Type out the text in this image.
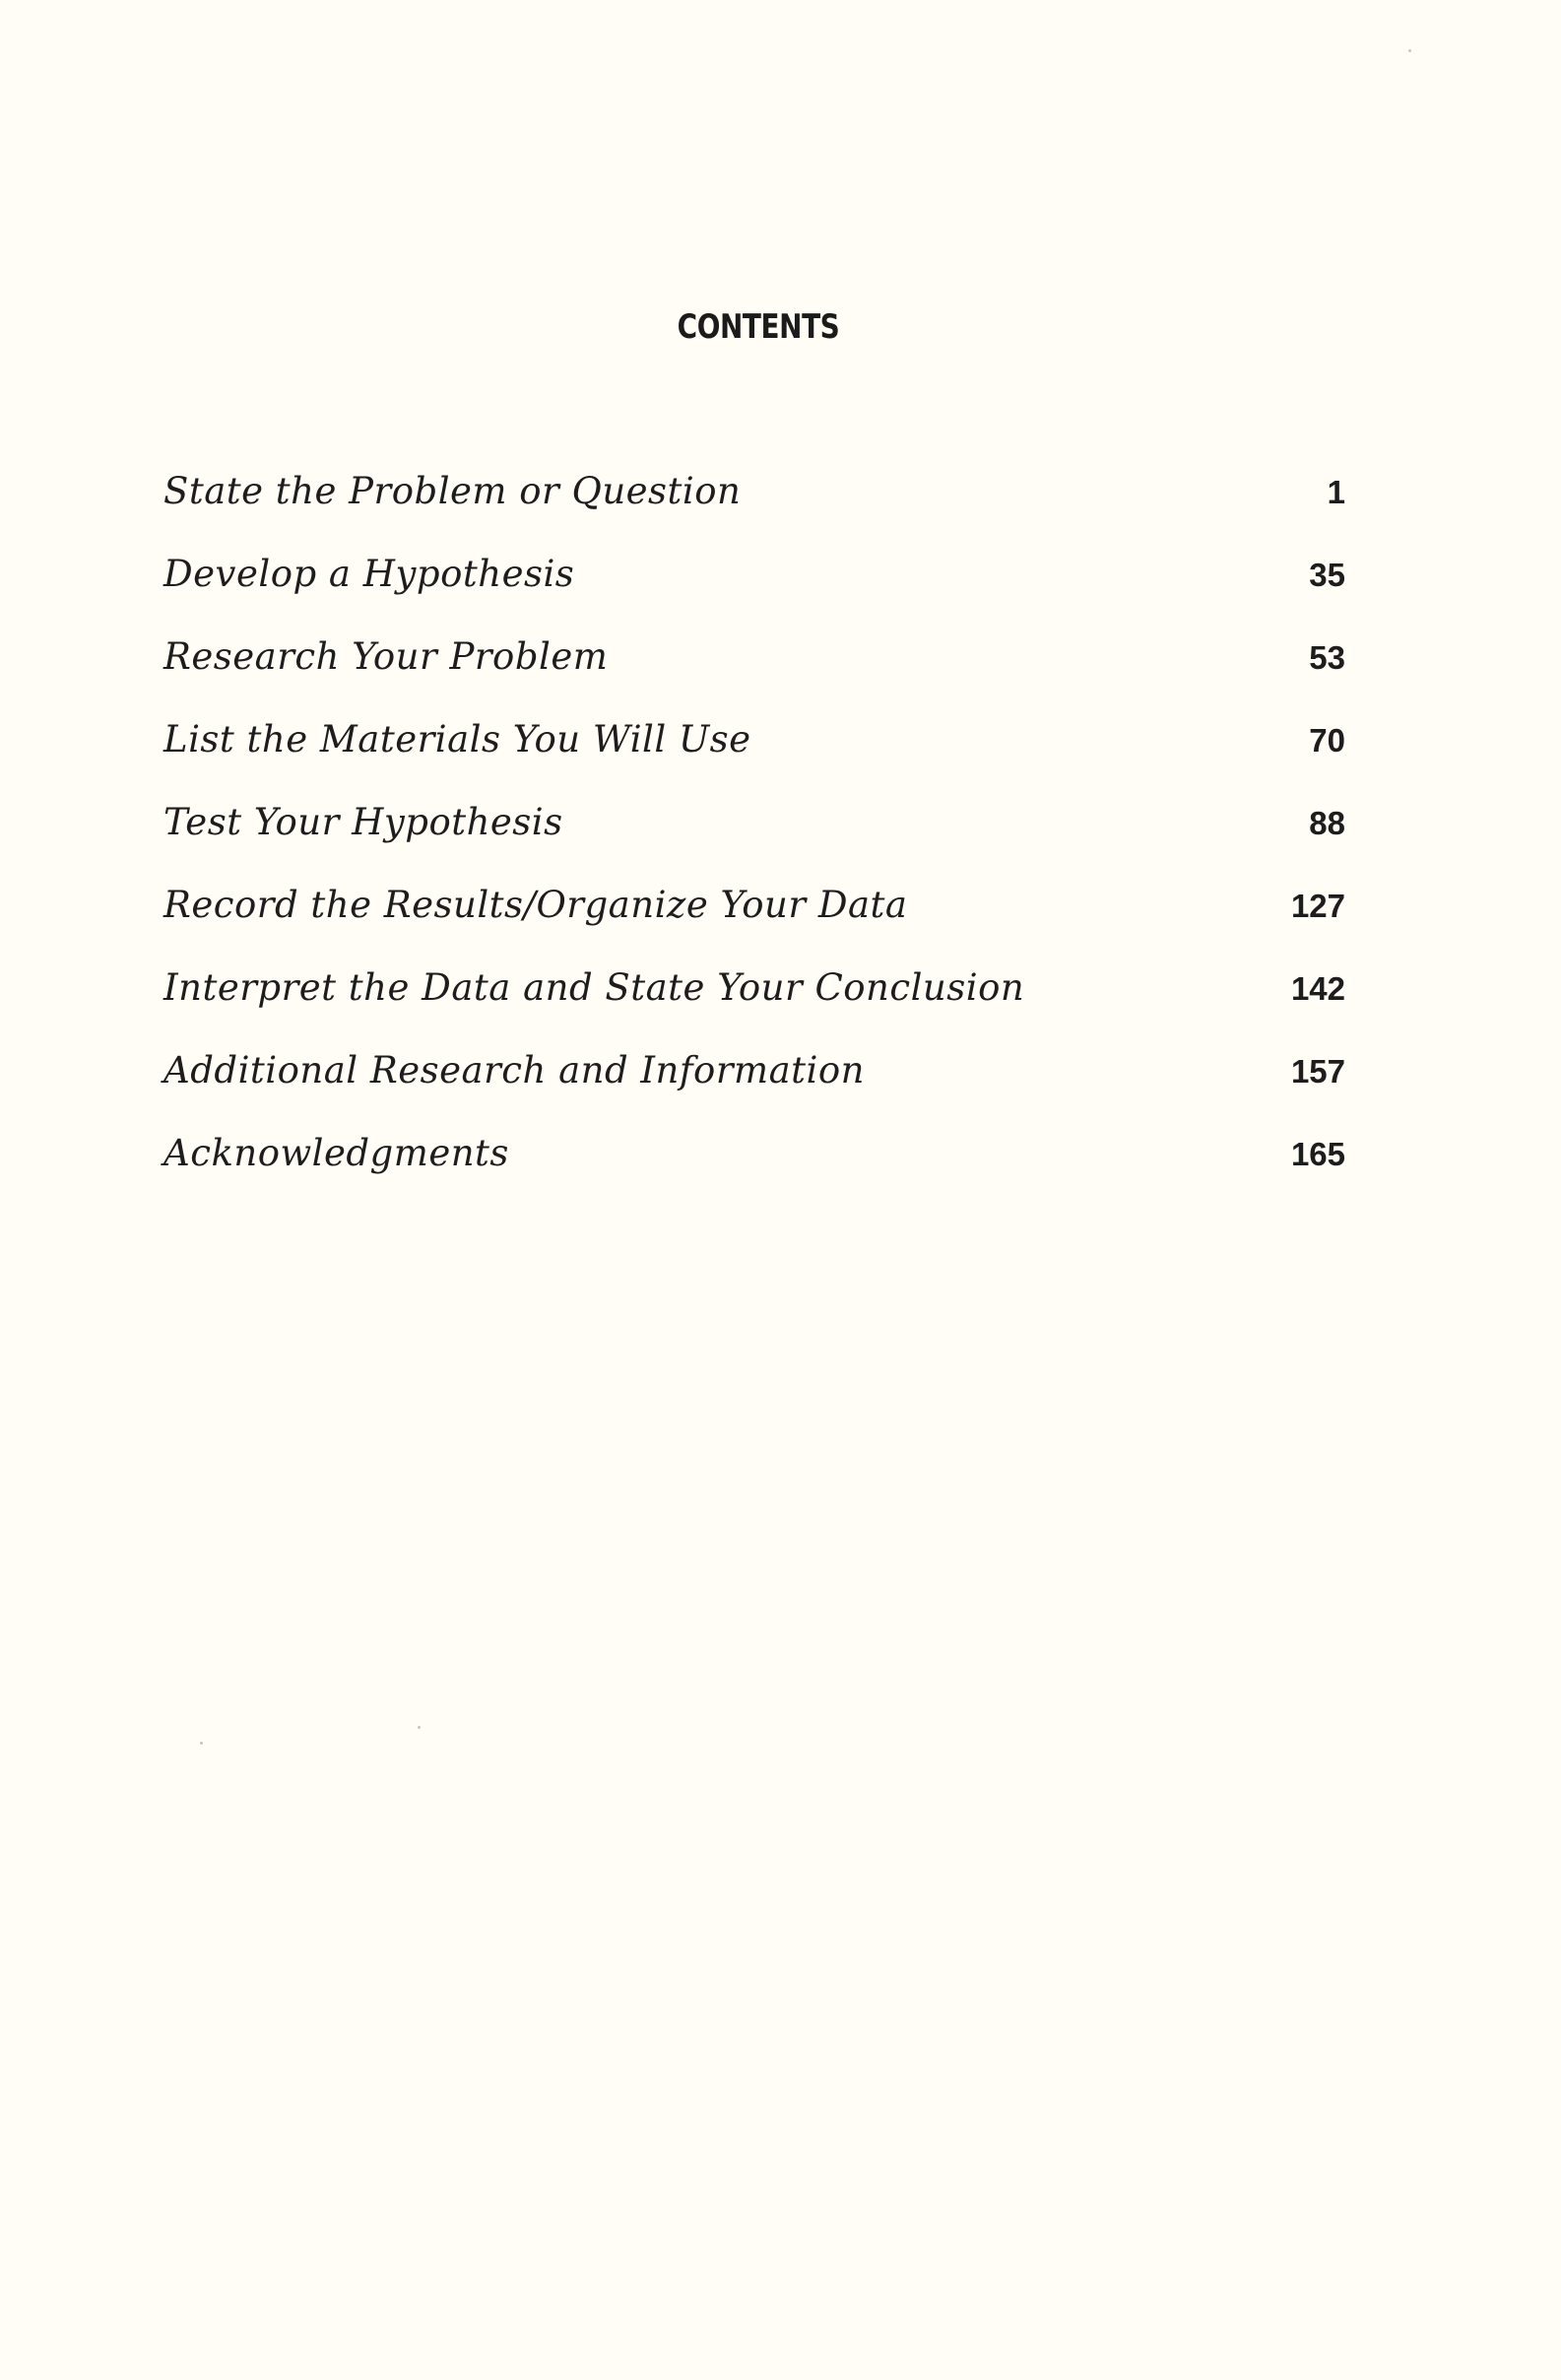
CONTENTS
State the Problem or Question	1
Develop a Hypothesis	35
Research Your Problem	53
List the Materials You Will Use	70
Test Your Hypothesis	88
Record the Results/Organize Your Data	127
Interpret the Data and State Your Conclusion	142
Additional Research and Information	157
Acknowledgments	165
